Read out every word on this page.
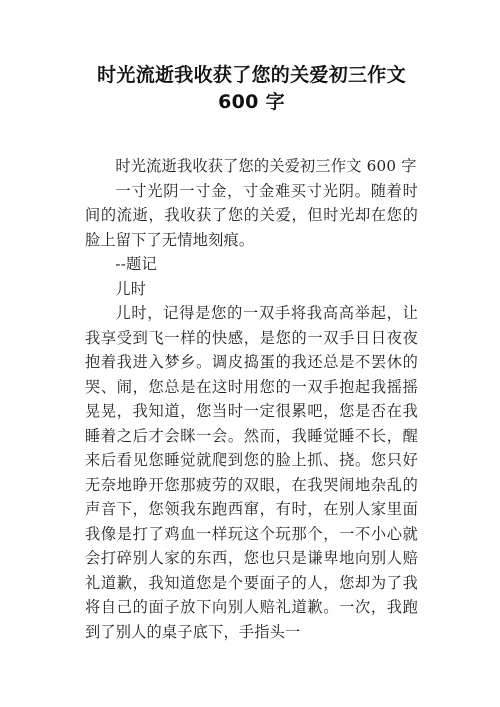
时光流逝我收获了您的关爱初三作文
600 字

时光流逝我收获了您的关爱初三作文 600 字

一寸光阴一寸金，寸金难买寸光阴。随着时间的流逝，我收获了您的关爱，但时光却在您的脸上留下了无情地刻痕。

--题记

儿时

儿时，记得是您的一双手将我高高举起，让我享受到飞一样的快感，是您的一双手日日夜夜抱着我进入梦乡。调皮捣蛋的我还总是不罢休的哭、闹，您总是在这时用您的一双手抱起我摇摇晃晃，我知道，您当时一定很累吧，您是否在我睡着之后才会眯一会。然而，我睡觉睡不长，醒来后看见您睡觉就爬到您的脸上抓、挠。您只好无奈地睁开您那疲劳的双眼，在我哭闹地杂乱的声音下，您领我东跑西窜，有时，在别人家里面我像是打了鸡血一样玩这个玩那个，一不小心就会打碎别人家的东西，您也只是谦卑地向别人赔礼道歉，我知道您是个要面子的人，您却为了我将自己的面子放下向别人赔礼道歉。一次，我跑到了别人的桌子底下，手指头一
